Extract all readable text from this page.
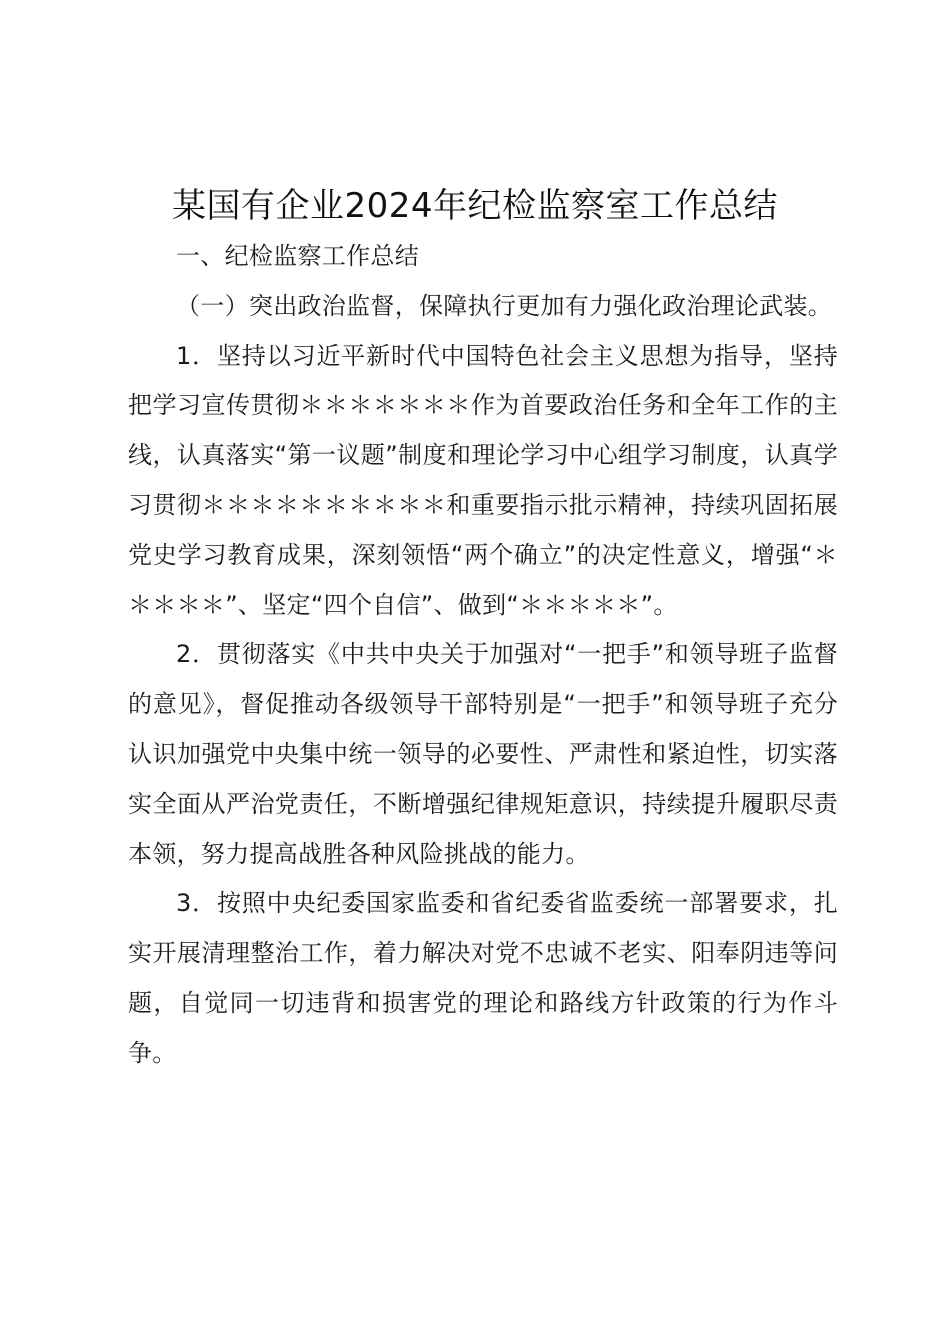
某国有企业2024年纪检监察室工作总结
一、纪检监察工作总结

（一）突出政治监督，保障执行更加有力强化政治理论武装。

1．坚持以习近平新时代中国特色社会主义思想为指导，坚持把学习宣传贯彻＊＊＊＊＊＊＊作为首要政治任务和全年工作的主线，认真落实“第一议题”制度和理论学习中心组学习制度，认真学习贯彻＊＊＊＊＊＊＊＊＊＊和重要指示批示精神，持续巩固拓展党史学习教育成果，深刻领悟“两个确立”的决定性意义，增强“＊＊＊＊＊”、坚定“四个自信”、做到“＊＊＊＊＊”。

2．贯彻落实《中共中央关于加强对“一把手”和领导班子监督的意见》，督促推动各级领导干部特别是“一把手”和领导班子充分认识加强党中央集中统一领导的必要性、严肃性和紧迫性，切实落实全面从严治党责任，不断增强纪律规矩意识，持续提升履职尽责本领，努力提高战胜各种风险挑战的能力。

3．按照中央纪委国家监委和省纪委省监委统一部署要求，扎实开展清理整治工作，着力解决对党不忠诚不老实、阳奉阴违等问题，自觉同一切违背和损害党的理论和路线方针政策的行为作斗争。
